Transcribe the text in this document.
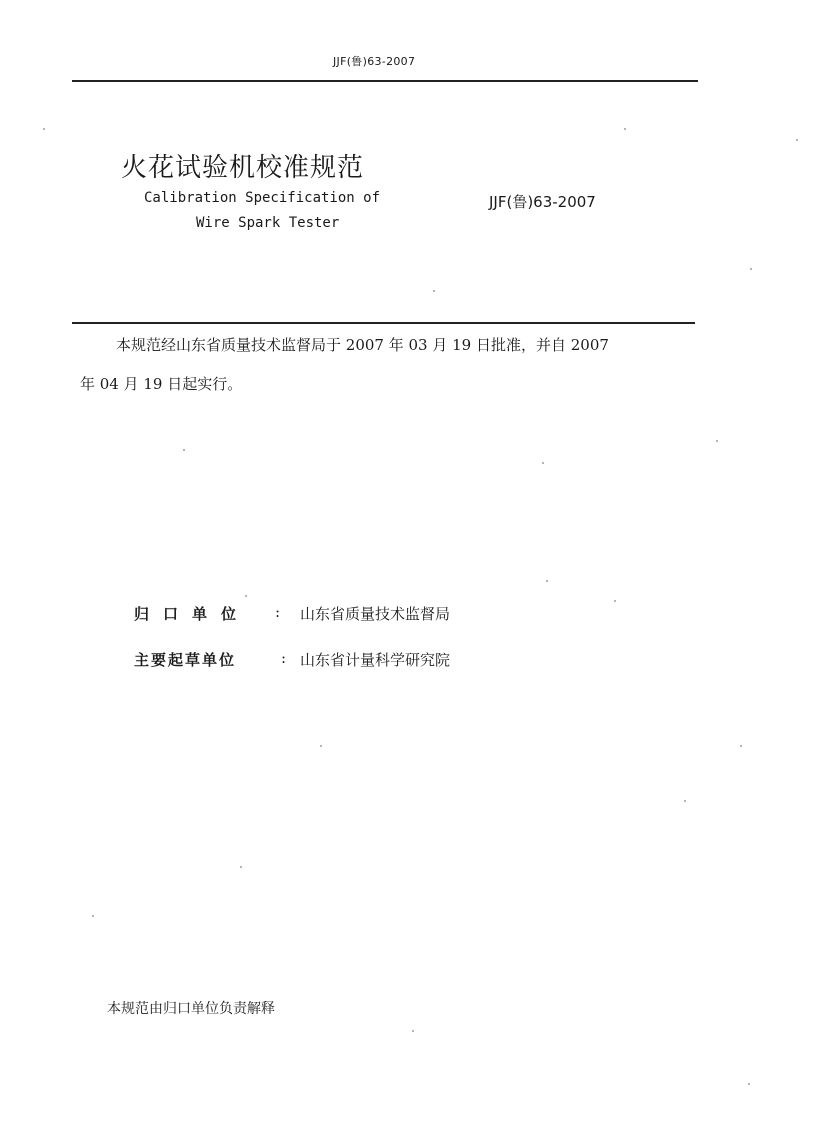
JJF(鲁)63-2007
火花试验机校准规范
Calibration Specification of
Wire Spark Tester
JJF(鲁)63-2007
本规范经山东省质量技术监督局于 2007 年 03 月 19 日批准，并自 2007
年 04 月 19 日起实行。
归口单位 : 山东省质量技术监督局
主要起草单位	: 山东省计量科学研究院
本规范由归口单位负责解释
